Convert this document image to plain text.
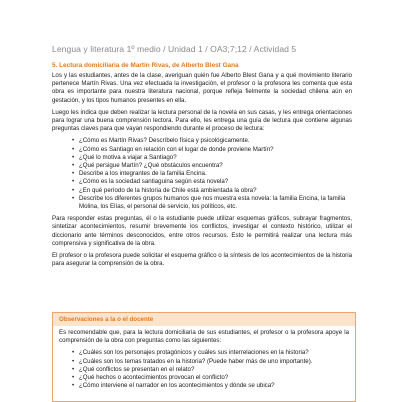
Lengua y literatura 1º medio / Unidad 1 / OA3;7;12 / Actividad 5
5. Lectura domiciliaria de Martín Rivas, de Alberto Blest Gana

Los y las estudiantes, antes de la clase, averiguan quién fue Alberto Blest Gana y a qué movimiento literario pertenece Martín Rivas. Una vez efectuada la investigación, el profesor o la profesora les comenta que esta obra es importante para nuestra literatura nacional, porque refleja fielmente la sociedad chilena aún en gestación, y los tipos humanos presentes en ella.

Luego les indica que deben realizar la lectura personal de la novela en sus casas, y les entrega orientaciones para lograr una buena comprensión lectora. Para ello, les entrega una guía de lectura que contiene algunas preguntas claves para que vayan respondiendo durante el proceso de lectura:

• ¿Cómo es Martín Rivas? Descríbelo física y psicológicamente.
• ¿Cómo es Santiago en relación con el lugar de donde proviene Martín?
• ¿Qué lo motiva a viajar a Santiago?
• ¿Qué persigue Martín? ¿Qué obstáculos encuentra?
• Describe a los integrantes de la familia Encina.
• ¿Cómo es la sociedad santiaguina según esta novela?
• ¿En qué período de la historia de Chile está ambientada la obra?
• Describe los diferentes grupos humanos que nos muestra esta novela: la familia Encina, la familia Molina, los Elías, el personal de servicio, los políticos, etc.

Para responder estas preguntas, él o la estudiante puede utilizar esquemas gráficos, subrayar fragmentos, sintetizar acontecimientos, resumir brevemente los conflictos, investigar el contexto histórico, utilizar el diccionario ante términos desconocidos, entre otros recursos. Esto le permitirá realizar una lectura más comprensiva y significativa de la obra.

El profesor o la profesora puede solicitar el esquema gráfico o la síntesis de los acontecimientos de la historia para asegurar la comprensión de la obra.

Observaciones a la o el docente

Es recomendable que, para la lectura domiciliaria de sus estudiantes, el profesor o la profesora apoye la comprensión de la obra con preguntas como las siguientes:

• ¿Cuáles son los personajes protagónicos y cuáles sus interrelaciones en la historia?
• ¿Cuáles son los temas tratados en la historia? (Puede haber más de uno importante).
• ¿Qué conflictos se presentan en el relato?
• ¿Qué hechos o acontecimientos provocan el conflicto?
• ¿Cómo interviene el narrador en los acontecimientos y dónde se ubica?
